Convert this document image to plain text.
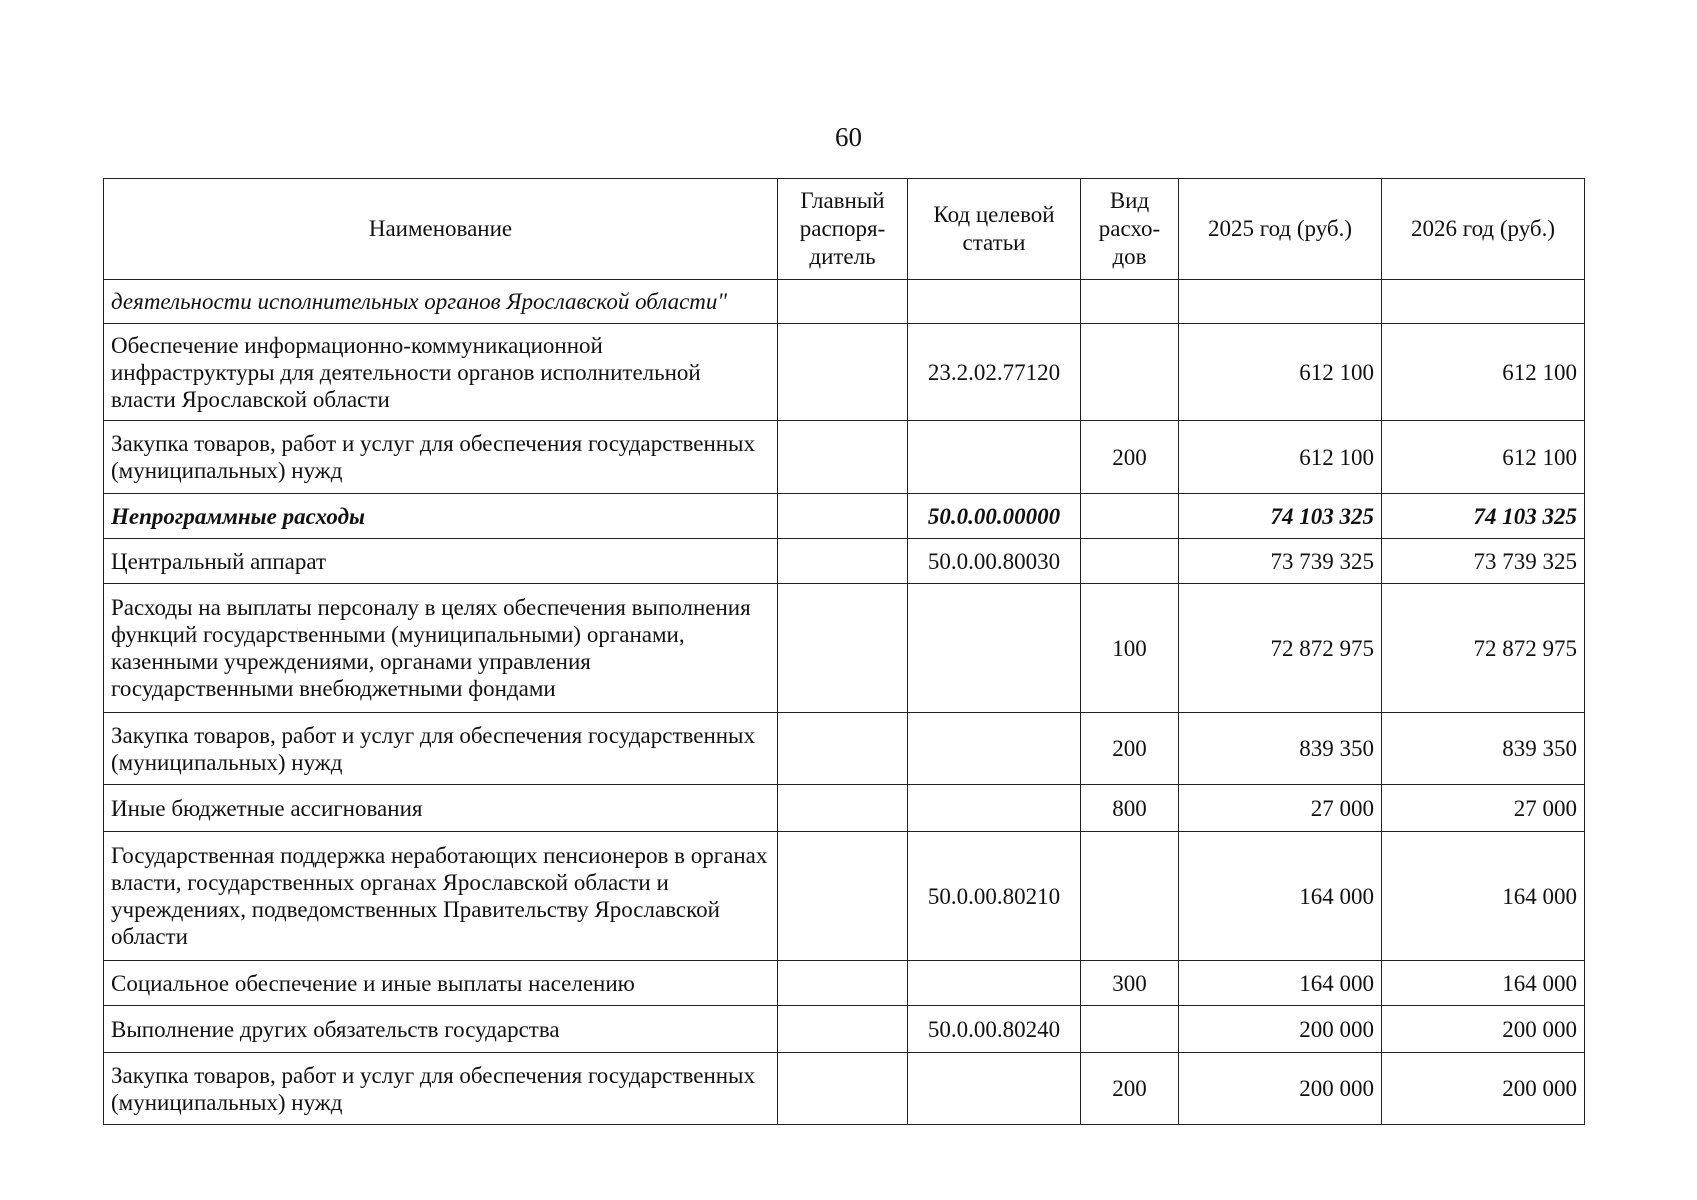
60
Наименование	Главный распоря-дитель	Код целевой статьи	Вид расхо-дов	2025 год (руб.)	2026 год (руб.)
деятельности исполнительных органов Ярославской области"					
Обеспечение информационно-коммуникационной инфраструктуры для деятельности органов исполнительной власти Ярославской области		23.2.02.77120		612 100	612 100
Закупка товаров, работ и услуг для обеспечения государственных (муниципальных) нужд			200	612 100	612 100
Непрограммные расходы		50.0.00.00000		74 103 325	74 103 325
Центральный аппарат		50.0.00.80030		73 739 325	73 739 325
Расходы на выплаты персоналу в целях обеспечения выполнения функций государственными (муниципальными) органами, казенными учреждениями, органами управления государственными внебюджетными фондами			100	72 872 975	72 872 975
Закупка товаров, работ и услуг для обеспечения государственных (муниципальных) нужд			200	839 350	839 350
Иные бюджетные ассигнования			800	27 000	27 000
Государственная поддержка неработающих пенсионеров в органах власти, государственных органах Ярославской области и учреждениях, подведомственных Правительству Ярославской области		50.0.00.80210		164 000	164 000
Социальное обеспечение и иные выплаты населению			300	164 000	164 000
Выполнение других обязательств государства		50.0.00.80240		200 000	200 000
Закупка товаров, работ и услуг для обеспечения государственных (муниципальных) нужд			200	200 000	200 000
